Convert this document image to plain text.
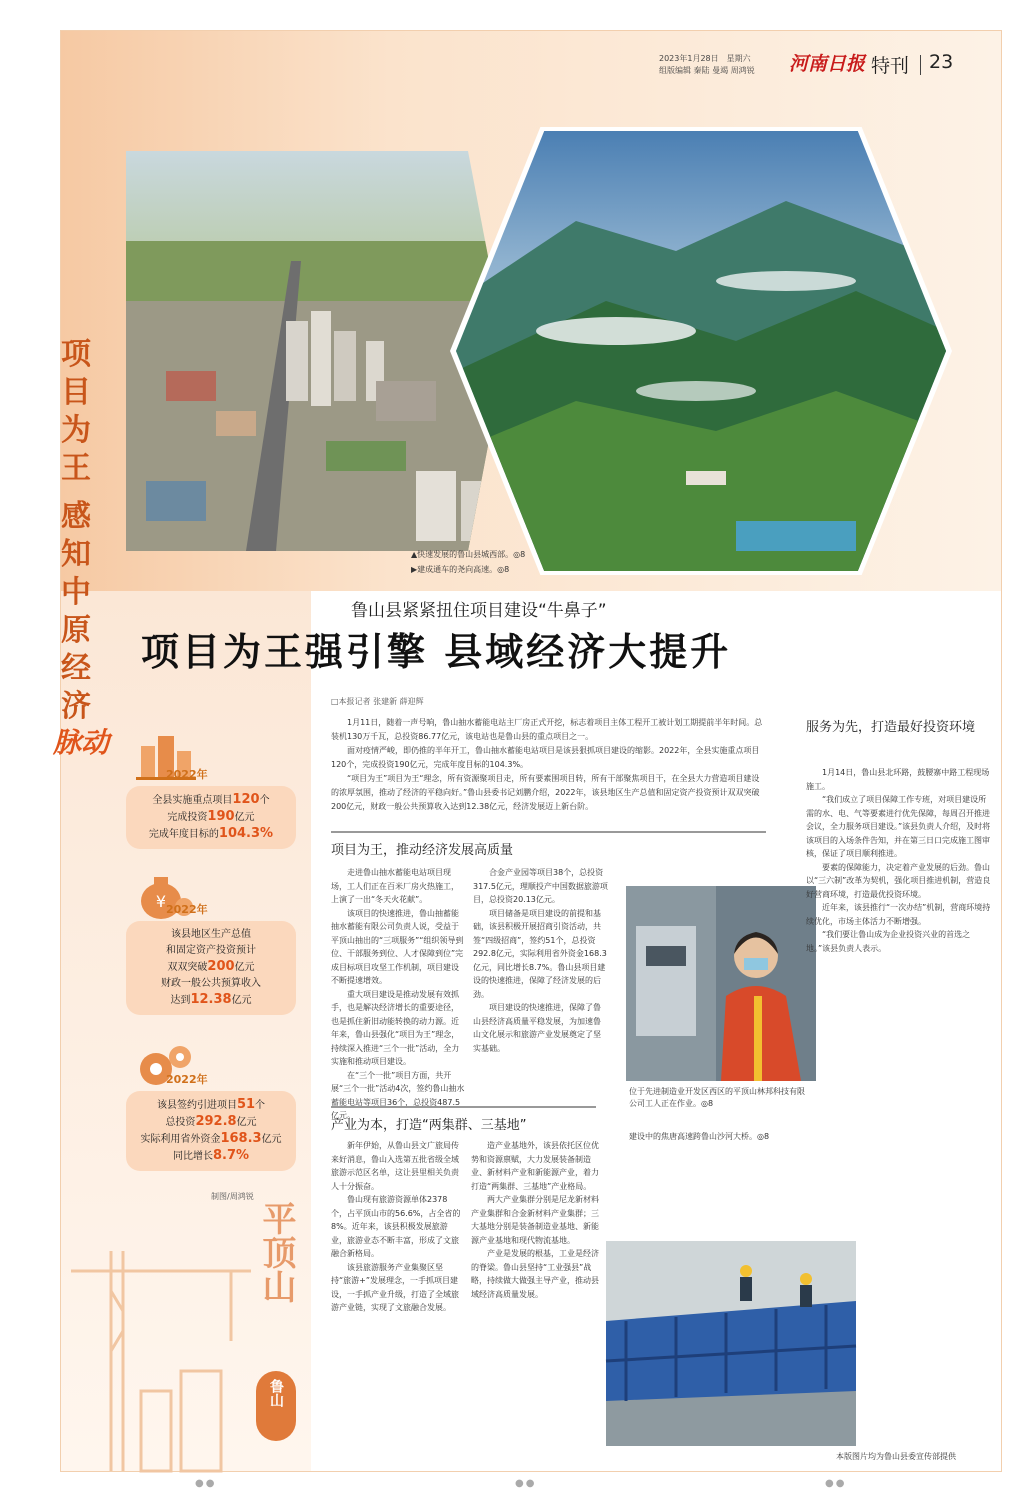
2023年1月28日　星期六
组版编辑 秦陆 曼竭 周鸿锐 河南日报 特刊 23
▲快速发展的鲁山县城西部。◎8
▶建成通车的尧向高速。◎8
项
目
为
王
感
知
中
原
经
济
脉动
鲁山县紧紧扭住项目建设“牛鼻子”
项目为王强引擎 县域经济大提升
□本报记者 张建新 薛迎辉

1月11日，随着一声号响，鲁山抽水蓄能电站主厂房正式开挖，标志着项目主体工程开工被计划工期提前半年时间。总装机130万千瓦，总投资86.77亿元，该电站也是鲁山县的重点项目之一。

面对疫情严峻，即仍推的半年开工，鲁山抽水蓄能电站项目是该县狠抓项目建设的缩影。2022年，全县实施重点项目120个，完成投资190亿元，完成年度目标的104.3%。

“项目为王”项目为王“理念，所有资源聚项目走，所有要素围项目转，所有干部聚焦项目干，在全县大力营造项目建设的浓厚氛围，推动了经济的平稳向好。”鲁山县委书记刘鹏介绍，2022年，该县地区生产总值和固定资产投资预计双双突破200亿元，财政一般公共预算收入达到12.38亿元，经济发展迈上新台阶。

2022年
全县实施重点项目120个
完成投资190亿元
完成年度目标的104.3%
¥ 2022年
该县地区生产总值
和固定资产投资预计
双双突破200亿元
财政一般公共预算收入
达到12.38亿元
2022年
该县签约引进项目51个
总投资292.8亿元
实际利用省外资金168.3亿元
同比增长8.7%
制图/周鸿锐
项目为王，推动经济发展高质量

走进鲁山抽水蓄能电站项目现场，工人们正在百米厂房火热施工，上演了一出“冬天火花献”。

该项目的快速推进，鲁山抽蓄能抽水蓄能有限公司负责人说，受益于平顶山抽出的“三项服务”“组织领导到位、干部服务到位、人才保障到位”完成目标项目攻坚工作机制，项目建设不断提速增效。

重大项目建设是推动发展有效抓手，也是解决经济增长的重要途径，也是抓住新旧动能转换的动力源。近年来，鲁山县强化“项目为王”理念，持续深入推进“三个一批”活动，全力实施和推动项目建设。

在“三个一批”项目方面，共开展“三个一批”活动4次，签约鲁山抽水蓄能电站等项目36个，总投资487.5亿元。

合金产业园等项目38个，总投资317.5亿元，理顺投产中国数据旅游项目，总投资20.13亿元。

项目储备是项目建设的前提和基础，该县积极开展招商引资活动，共签“四级招商”，签约51个，总投资292.8亿元，实际利用省外资金168.3亿元，同比增长8.7%。鲁山县项目建设的快速推进，保障了经济发展的后劲。

项目建设的快速推进，保障了鲁山县经济高质量平稳发展，为加速鲁山文化展示和旅游产业发展奠定了坚实基础。

位于先进制造业开发区西区的平顶山林邦科技有限公司工人正在作业。◎8
建设中的焦唐高速跨鲁山沙河大桥。◎8
产业为本，打造“两集群、三基地”

新年伊始，从鲁山县文广旅局传来好消息，鲁山入选第五批省级全域旅游示范区名单，这让县里相关负责人十分振奋。

鲁山现有旅游资源单体2378个，占平顶山市的56.6%，占全省的8%。近年来，该县积极发展旅游业，旅游业态不断丰富，形成了文旅融合新格局。

该县旅游服务产业集聚区坚持“旅游+”发展理念，一手抓项目建设，一手抓产业升级，打造了全域旅游产业链，实现了文旅融合发展。

造产业基地外，该县依托区位优势和资源禀赋，大力发展装备制造业、新材料产业和新能源产业，着力打造“两集群、三基地”产业格局。

两大产业集群分别是尼龙新材料产业集群和合金新材料产业集群；三大基地分别是装备制造业基地、新能源产业基地和现代物流基地。

产业是发展的根基，工业是经济的脊梁。鲁山县坚持“工业强县”战略，持续做大做强主导产业，推动县域经济高质量发展。

服务为先，打造最好投资环境

1月14日，鲁山县北环路，鼓腰寨中路工程现场施工。

“我们成立了项目保障工作专班，对项目建设所需的水、电、气等要素进行优先保障，每周召开推进会议，全力服务项目建设。”该县负责人介绍，及时将该项目的入场条件告知，并在第三日口完成施工图审核，保证了项目顺利推进。

要素的保障能力，决定着产业发展的后劲。鲁山以“三六制”改革为契机，强化项目推进机制，营造良好营商环境，打造最优投资环境。

近年来，该县推行“一次办结”机制，营商环境持续优化，市场主体活力不断增强。

“我们要让鲁山成为企业投资兴业的首选之地。”该县负责人表示。

本版图片均为鲁山县委宣传部提供
平顶山
鲁山
●●	●●	●●
